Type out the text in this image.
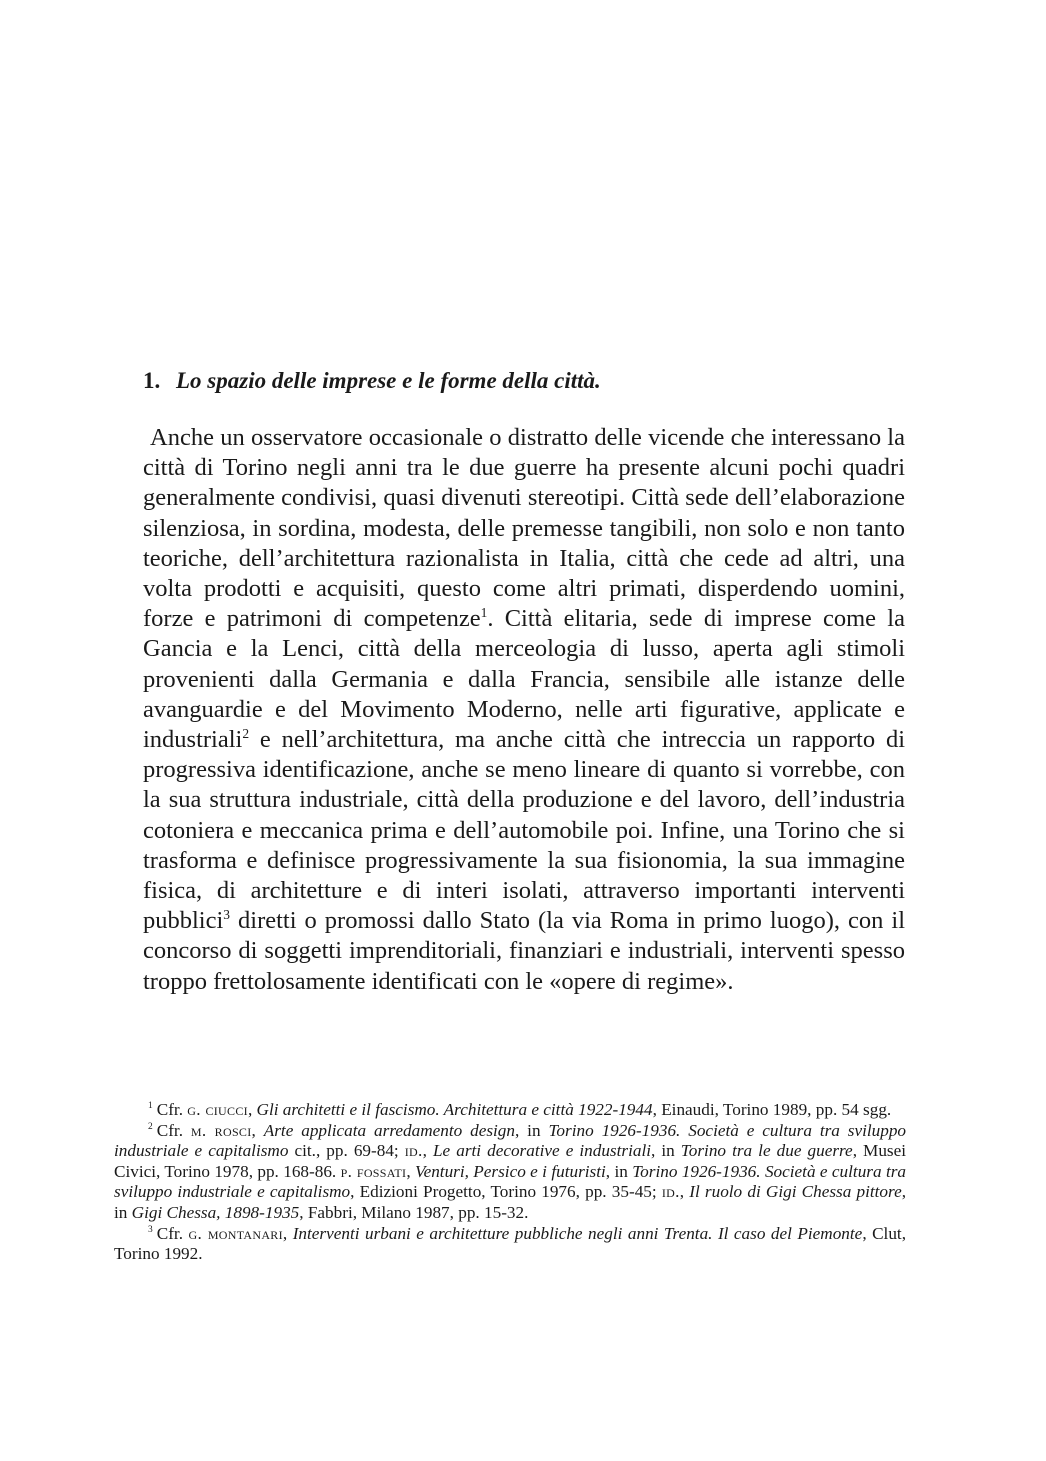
1. Lo spazio delle imprese e le forme della città.

Anche un osservatore occasionale o distratto delle vicende che interessano la città di Torino negli anni tra le due guerre ha presente alcuni pochi quadri generalmente condivisi, quasi divenuti stereotipi. Città sede dell’elaborazione silenziosa, in sordina, modesta, delle premesse tangibili, non solo e non tanto teoriche, dell’architettura razionalista in Italia, città che cede ad altri, una volta prodotti e acquisiti, questo come altri primati, disperdendo uomini, forze e patrimoni di competenze$^1$. Città elitaria, sede di imprese come la Gancia e la Lenci, città della merceologia di lusso, aperta agli stimoli provenienti dalla Germania e dalla Francia, sensibile alle istanze delle avanguardie e del Movimento Moderno, nelle arti figurative, applicate e industriali$^2$ e nell’architettura, ma anche città che intreccia un rapporto di progressiva identificazione, anche se meno lineare di quanto si vorrebbe, con la sua struttura industriale, città della produzione e del lavoro, dell’industria cotoniera e meccanica prima e dell’automobile poi. Infine, una Torino che si trasforma e definisce progressivamente la sua fisionomia, la sua immagine fisica, di architetture e di interi isolati, attraverso importanti interventi pubblici$^3$ diretti o promossi dallo Stato (la via Roma in primo luogo), con il concorso di soggetti imprenditoriali, finanziari e industriali, interventi spesso troppo frettolosamente identificati con le «opere di regime».

$^1$ Cfr. g. ciucci, Gli architetti e il fascismo. Architettura e città 1922-1944, Einaudi, Torino 1989, pp. 54 sgg.

$^2$ Cfr. m. rosci, Arte applicata arredamento design, in Torino 1926-1936. Società e cultura tra sviluppo industriale e capitalismo cit., pp. 69-84; id., Le arti decorative e industriali, in Torino tra le due guerre, Musei Civici, Torino 1978, pp. 168-86. p. fossati, Venturi, Persico e i futuristi, in Torino 1926-1936. Società e cultura tra sviluppo industriale e capitalismo, Edizioni Progetto, Torino 1976, pp. 35-45; id., Il ruolo di Gigi Chessa pittore, in Gigi Chessa, 1898-1935, Fabbri, Milano 1987, pp. 15-32.

$^3$ Cfr. g. montanari, Interventi urbani e architetture pubbliche negli anni Trenta. Il caso del Piemonte, Clut, Torino 1992.
